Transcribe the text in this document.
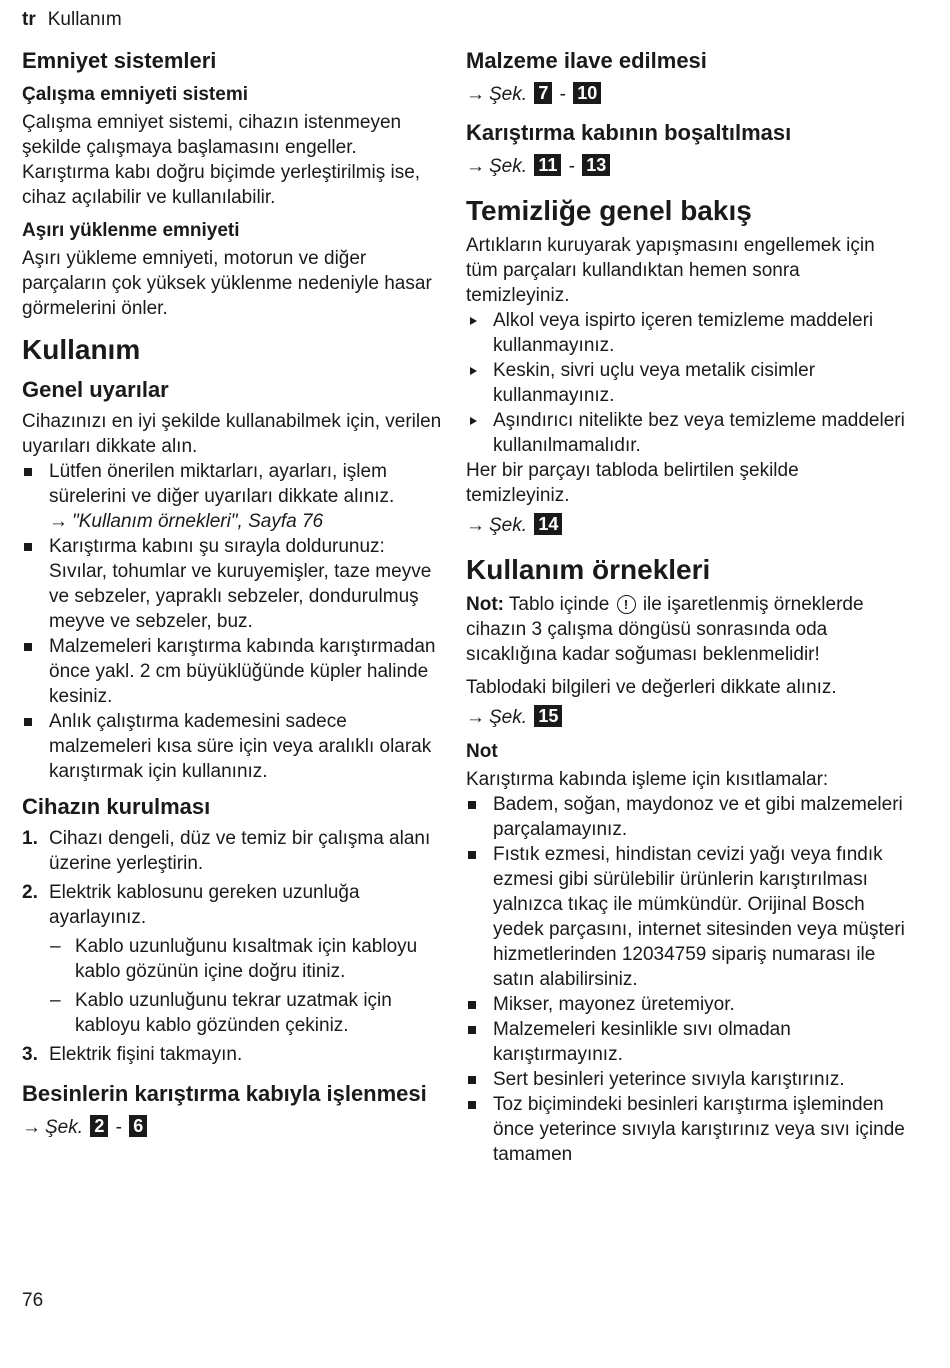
tr Kullanım
Emniyet sistemleri
Çalışma emniyeti sistemi

Çalışma emniyet sistemi, cihazın istenmeyen şekilde çalışmaya başlamasını engeller.

Karıştırma kabı doğru biçimde yerleştirilmiş ise, cihaz açılabilir ve kullanılabilir.

Aşırı yüklenme emniyeti

Aşırı yükleme emniyeti, motorun ve diğer parçaların çok yüksek yüklenme nedeniyle hasar görmelerini önler.

Kullanım
Genel uyarılar

Cihazınızı en iyi şekilde kullanabilmek için, verilen uyarıları dikkate alın.

Lütfen önerilen miktarları, ayarları, işlem sürelerini ve diğer uyarıları dikkate alınız.
→ "Kullanım örnekleri", Sayfa 76
Karıştırma kabını şu sırayla doldurunuz: Sıvılar, tohumlar ve kuruyemişler, taze meyve ve sebzeler, yapraklı sebzeler, dondurulmuş meyve ve sebzeler, buz.
Malzemeleri karıştırma kabında karıştırmadan önce yakl. 2 cm büyüklüğünde küpler halinde kesiniz.
Anlık çalıştırma kademesini sadece malzemeleri kısa süre için veya aralıklı olarak karıştırmak için kullanınız.
Cihazın kurulması
1. Cihazı dengeli, düz ve temiz bir çalışma alanı üzerine yerleştirin.
2. Elektrik kablosunu gereken uzunluğa ayarlayınız.
– Kablo uzunluğunu kısaltmak için kabloyu kablo gözünün içine doğru itiniz.
– Kablo uzunluğunu tekrar uzatmak için kabloyu kablo gözünden çekiniz.
3. Elektrik fişini takmayın.
Besinlerin karıştırma kabıyla işlenmesi

→ Şek. 2 - 6

Malzeme ilave edilmesi

→ Şek. 7 - 10

Karıştırma kabının boşaltılması

→ Şek. 11 - 13

Temizliğe genel bakış

Artıkların kuruyarak yapışmasını engellemek için tüm parçaları kullandıktan hemen sonra temizleyiniz.

Alkol veya ispirto içeren temizleme maddeleri kullanmayınız.
Keskin, sivri uçlu veya metalik cisimler kullanmayınız.
Aşındırıcı nitelikte bez veya temizleme maddeleri kullanılmamalıdır.

Her bir parçayı tabloda belirtilen şekilde temizleyiniz.

→ Şek. 14

Kullanım örnekleri

Not: Tablo içinde ! ile işaretlenmiş örneklerde cihazın 3 çalışma döngüsü sonrasında oda sıcaklığına kadar soğuması beklenmelidir!

Tablodaki bilgileri ve değerleri dikkate alınız.

→ Şek. 15

Not

Karıştırma kabında işleme için kısıtlamalar:

Badem, soğan, maydonoz ve et gibi malzemeleri parçalamayınız.
Fıstık ezmesi, hindistan cevizi yağı veya fındık ezmesi gibi sürülebilir ürünlerin karıştırılması yalnızca tıkaç ile mümkündür. Orijinal Bosch yedek parçasını, internet sitesinden veya müşteri hizmetlerinden 12034759 sipariş numarası ile satın alabilirsiniz.
Mikser, mayonez üretemiyor.
Malzemeleri kesinlikle sıvı olmadan karıştırmayınız.
Sert besinleri yeterince sıvıyla karıştırınız.
Toz biçimindeki besinleri karıştırma işleminden önce yeterince sıvıyla karıştırınız veya sıvı içinde tamamen
76
